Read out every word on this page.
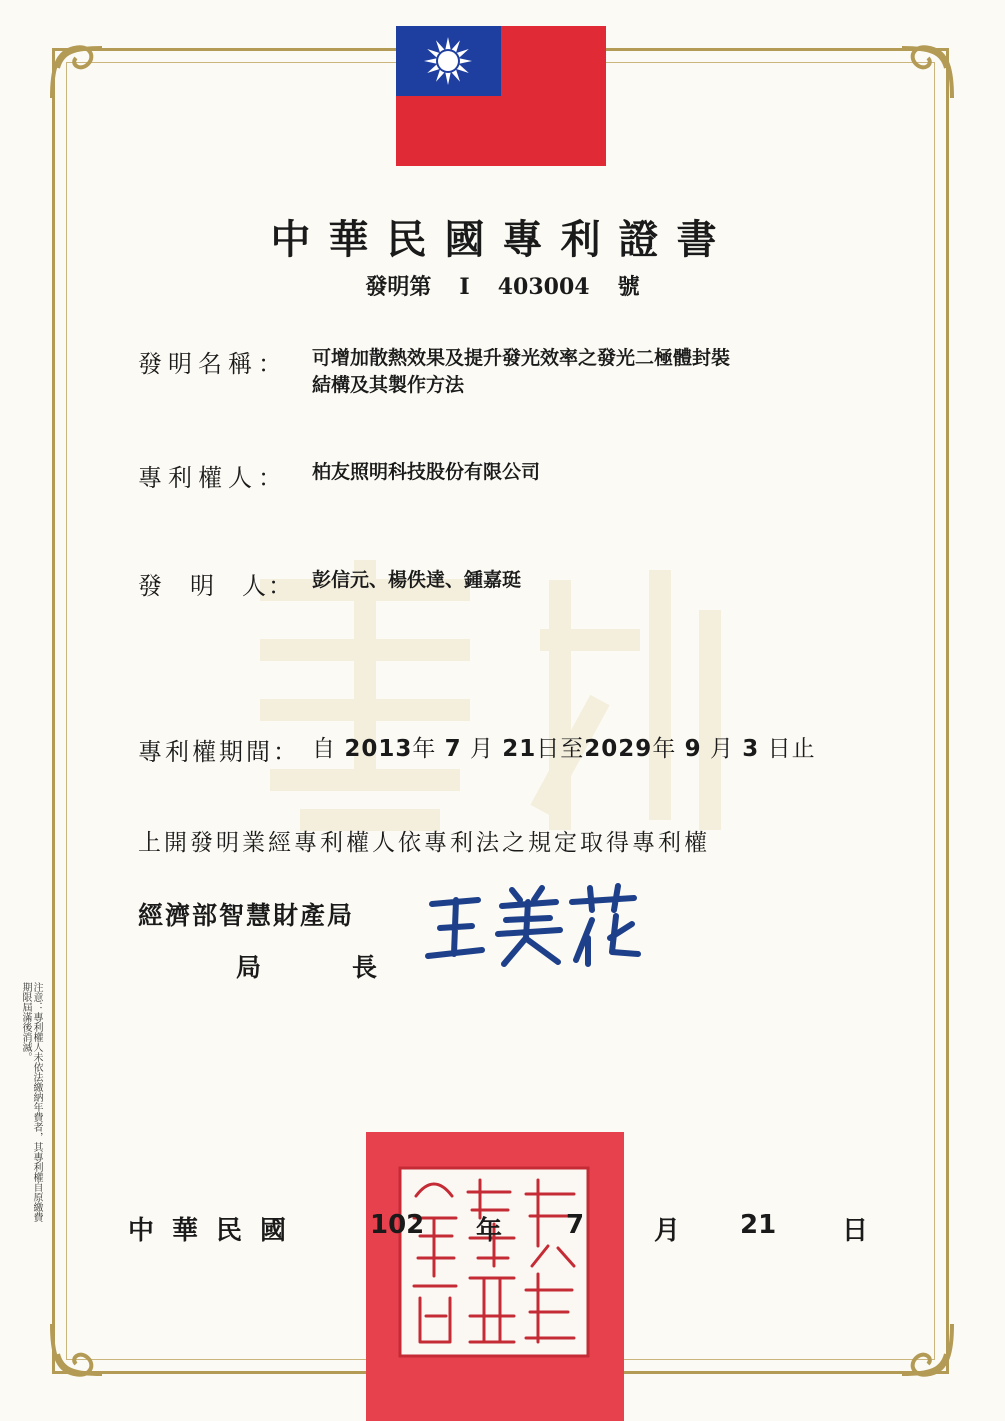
中華民國專利證書
發明第 I 403004 號
發明名稱： 可增加散熱效果及提升發光效率之發光二極體封裝
結構及其製作方法
專利權人： 柏友照明科技股份有限公司
發　明　人： 彭信元、楊佚達、鍾嘉珽
專利權期間： 自 2013年 7 月 21日至2029年 9 月 3 日止
上開發明業經專利權人依專利法之規定取得專利權
經濟部智慧財產局
局	長
注意：專利權人未依法繳納年費者，其專利權自原繳費期限屆滿後消滅。
中華民國	102 年 7	月 21	日
